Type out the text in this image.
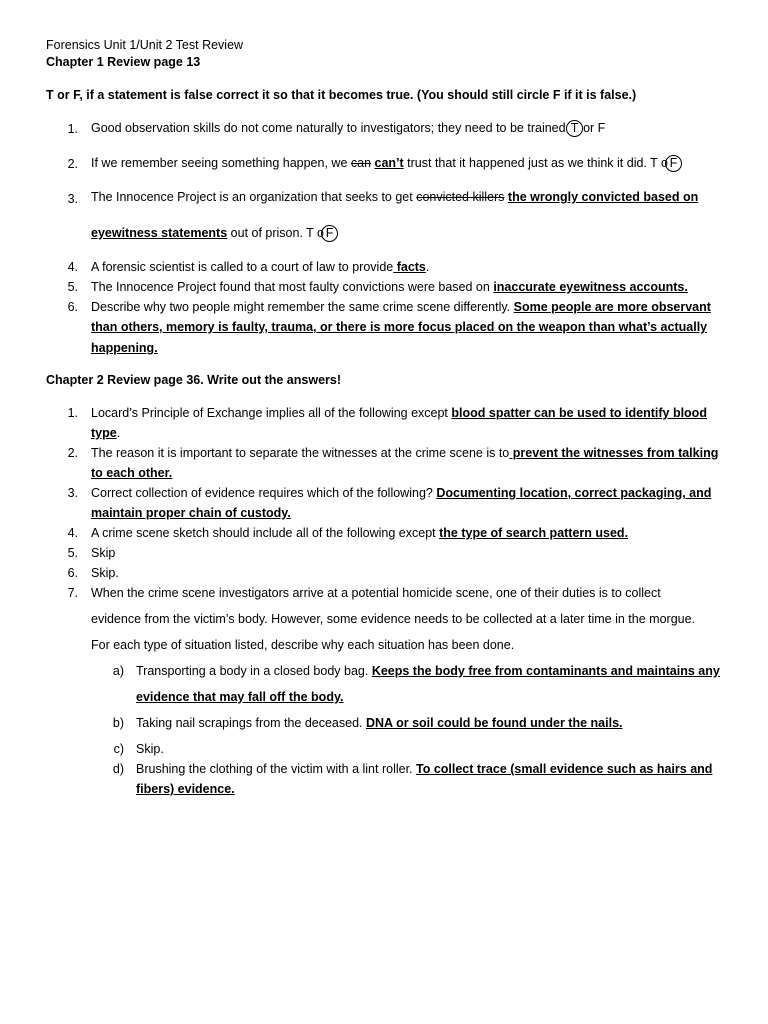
Forensics Unit 1/Unit 2 Test Review
Chapter 1 Review page 13
T or F, if a statement is false correct it so that it becomes true. (You should still circle F if it is false.)
1. Good observation skills do not come naturally to investigators; they need to be trained T or F
2. If we remember seeing something happen, we can can’t trust that it happened just as we think it did. T o F
3. The Innocence Project is an organization that seeks to get convicted killers the wrongly convicted based on
eyewitness statements out of prison. T o F
4. A forensic scientist is called to a court of law to provide facts.
5. The Innocence Project found that most faulty convictions were based on inaccurate eyewitness accounts.
6. Describe why two people might remember the same crime scene differently. Some people are more observant
than others, memory is faulty, trauma, or there is more focus placed on the weapon than what’s actually
happening.
Chapter 2 Review page 36. Write out the answers!
1. Locard’s Principle of Exchange implies all of the following except blood spatter can be used to identify blood
type.
2. The reason it is important to separate the witnesses at the crime scene is to prevent the witnesses from talking
to each other.
3. Correct collection of evidence requires which of the following? Documenting location, correct packaging, and
maintain proper chain of custody.
4. A crime scene sketch should include all of the following except the type of search pattern used.
5. Skip
6. Skip.
7. When the crime scene investigators arrive at a potential homicide scene, one of their duties is to collect
evidence from the victim’s body. However, some evidence needs to be collected at a later time in the morgue.
For each type of situation listed, describe why each situation has been done.
a) Transporting a body in a closed body bag. Keeps the body free from contaminants and maintains any
evidence that may fall off the body.
b) Taking nail scrapings from the deceased. DNA or soil could be found under the nails.
c) Skip.
d) Brushing the clothing of the victim with a lint roller. To collect trace (small evidence such as hairs and
fibers) evidence.
